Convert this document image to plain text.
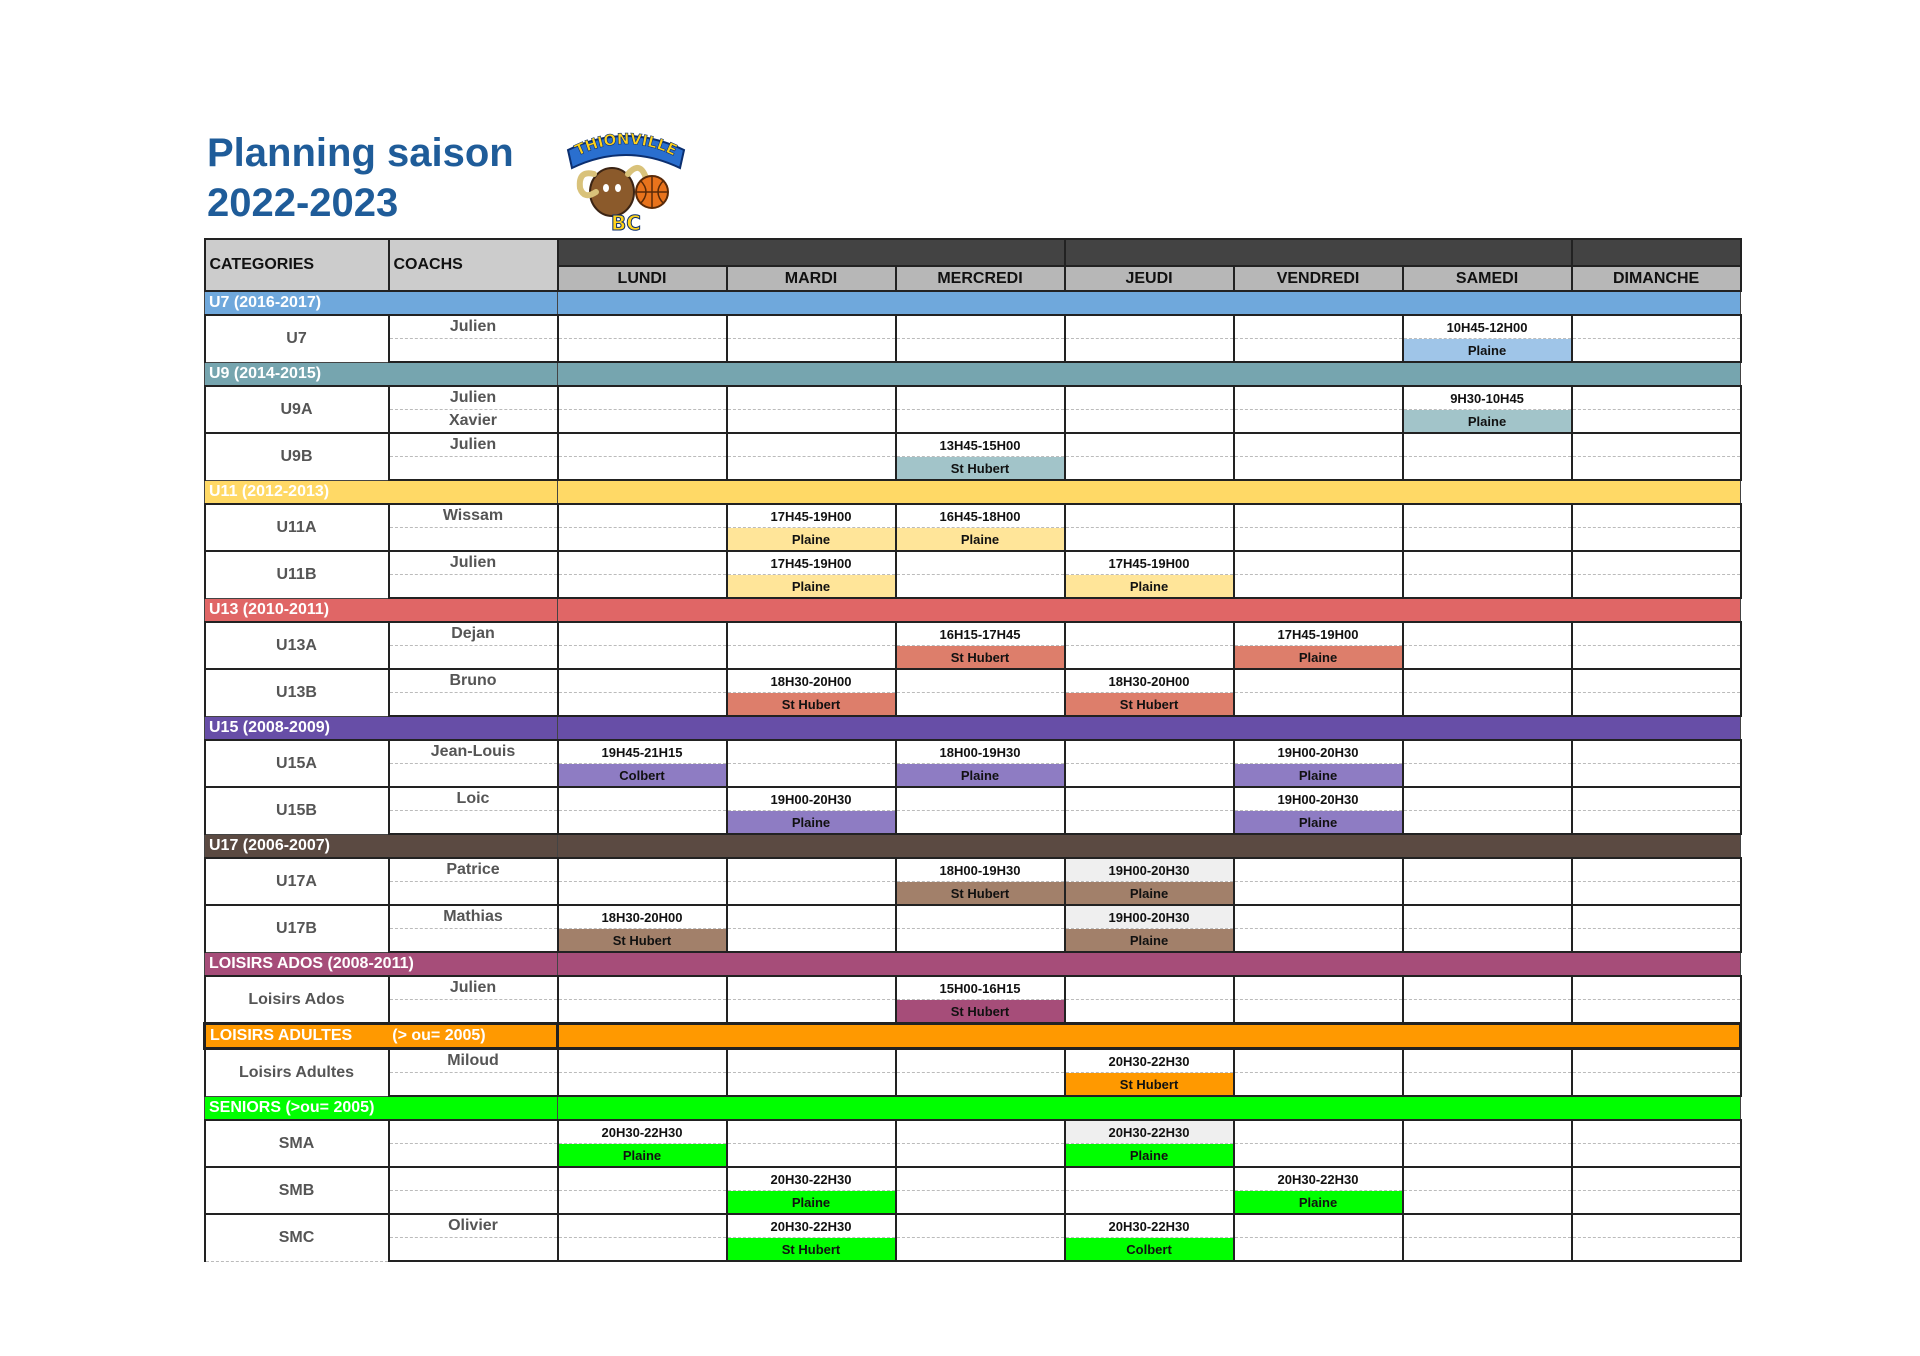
Planning saison
2022-2023
THIONVILLE
BC
CATEGORIES	COACHS							
		LUNDI	MARDI	MERCREDI	JEUDI	VENDREDI	SAMEDI	DIMANCHE
U7 (2016-2017)								
U7	Julien						10H45-12H00	
							Plaine	
U9 (2014-2015)								
U9A	Julien						9H30-10H45	
	Xavier						Plaine	
U9B	Julien			13H45-15H00				
				St Hubert				
U11 (2012-2013)								
U11A	Wissam		17H45-19H00	16H45-18H00				
			Plaine	Plaine				
U11B	Julien		17H45-19H00		17H45-19H00			
			Plaine		Plaine			
U13 (2010-2011)								
U13A	Dejan			16H15-17H45		17H45-19H00		
				St Hubert		Plaine		
U13B	Bruno		18H30-20H00		18H30-20H00			
			St Hubert		St Hubert			
U15 (2008-2009)								
U15A	Jean-Louis	19H45-21H15		18H00-19H30		19H00-20H30		
		Colbert		Plaine		Plaine		
U15B	Loic		19H00-20H30			19H00-20H30		
			Plaine			Plaine		
U17 (2006-2007)								
U17A	Patrice			18H00-19H30	19H00-20H30			
				St Hubert	Plaine			
U17B	Mathias	18H30-20H00			19H00-20H30			
		St Hubert			Plaine			
LOISIRS ADOS (2008-2011)								
Loisirs Ados	Julien			15H00-16H15				
				St Hubert				
LOISIRS ADULTES (> ou= 2005)								
Loisirs Adultes	Miloud				20H30-22H30			
					St Hubert			
SENIORS (>ou= 2005)								
SMA		20H30-22H30			20H30-22H30			
		Plaine			Plaine			
SMB			20H30-22H30			20H30-22H30		
			Plaine			Plaine		
SMC	Olivier		20H30-22H30		20H30-22H30			
			St Hubert		Colbert			
